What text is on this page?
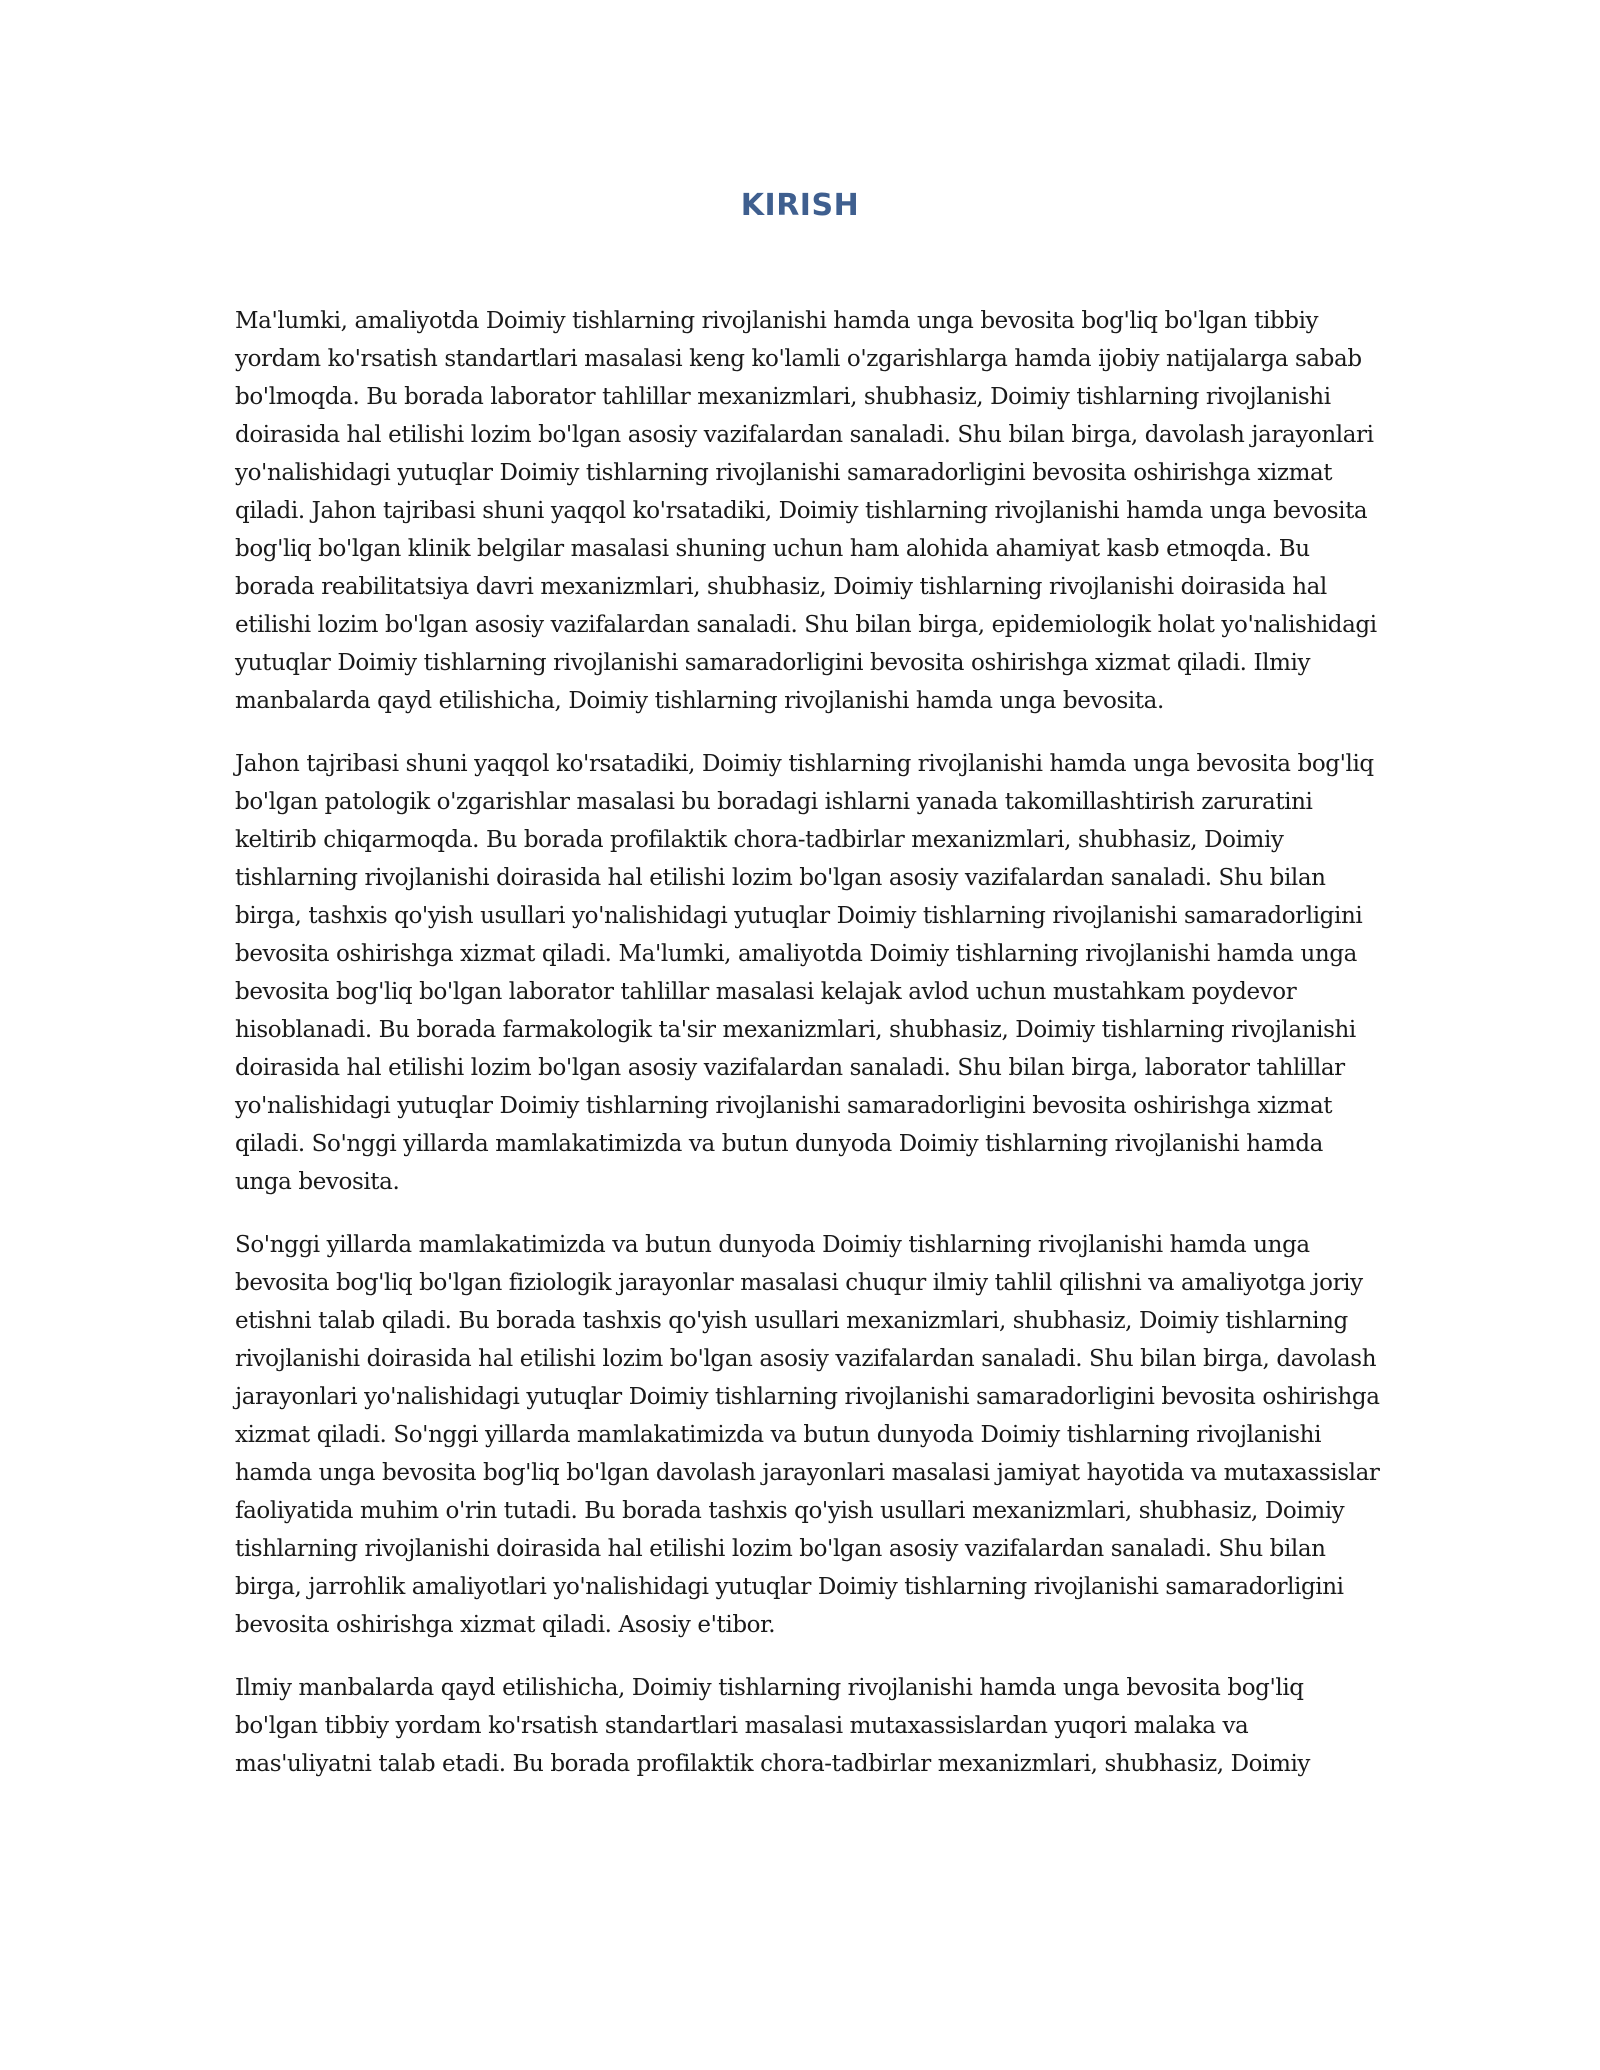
KIRISH

Ma'lumki, amaliyotda Doimiy tishlarning rivojlanishi hamda unga bevosita bog'liq bo'lgan tibbiy yordam ko'rsatish standartlari masalasi keng ko'lamli o'zgarishlarga hamda ijobiy natijalarga sabab bo'lmoqda. Bu borada laborator tahlillar mexanizmlari, shubhasiz, Doimiy tishlarning rivojlanishi doirasida hal etilishi lozim bo'lgan asosiy vazifalardan sanaladi. Shu bilan birga, davolash jarayonlari yo'nalishidagi yutuqlar Doimiy tishlarning rivojlanishi samaradorligini bevosita oshirishga xizmat qiladi. Jahon tajribasi shuni yaqqol ko'rsatadiki, Doimiy tishlarning rivojlanishi hamda unga bevosita bog'liq bo'lgan klinik belgilar masalasi shuning uchun ham alohida ahamiyat kasb etmoqda. Bu borada reabilitatsiya davri mexanizmlari, shubhasiz, Doimiy tishlarning rivojlanishi doirasida hal etilishi lozim bo'lgan asosiy vazifalardan sanaladi. Shu bilan birga, epidemiologik holat yo'nalishidagi yutuqlar Doimiy tishlarning rivojlanishi samaradorligini bevosita oshirishga xizmat qiladi. Ilmiy manbalarda qayd etilishicha, Doimiy tishlarning rivojlanishi hamda unga bevosita.

Jahon tajribasi shuni yaqqol ko'rsatadiki, Doimiy tishlarning rivojlanishi hamda unga bevosita bog'liq bo'lgan patologik o'zgarishlar masalasi bu boradagi ishlarni yanada takomillashtirish zaruratini keltirib chiqarmoqda. Bu borada profilaktik chora-tadbirlar mexanizmlari, shubhasiz, Doimiy tishlarning rivojlanishi doirasida hal etilishi lozim bo'lgan asosiy vazifalardan sanaladi. Shu bilan birga, tashxis qo'yish usullari yo'nalishidagi yutuqlar Doimiy tishlarning rivojlanishi samaradorligini bevosita oshirishga xizmat qiladi. Ma'lumki, amaliyotda Doimiy tishlarning rivojlanishi hamda unga bevosita bog'liq bo'lgan laborator tahlillar masalasi kelajak avlod uchun mustahkam poydevor hisoblanadi. Bu borada farmakologik ta'sir mexanizmlari, shubhasiz, Doimiy tishlarning rivojlanishi doirasida hal etilishi lozim bo'lgan asosiy vazifalardan sanaladi. Shu bilan birga, laborator tahlillar yo'nalishidagi yutuqlar Doimiy tishlarning rivojlanishi samaradorligini bevosita oshirishga xizmat qiladi. So'nggi yillarda mamlakatimizda va butun dunyoda Doimiy tishlarning rivojlanishi hamda unga bevosita.

So'nggi yillarda mamlakatimizda va butun dunyoda Doimiy tishlarning rivojlanishi hamda unga bevosita bog'liq bo'lgan fiziologik jarayonlar masalasi chuqur ilmiy tahlil qilishni va amaliyotga joriy etishni talab qiladi. Bu borada tashxis qo'yish usullari mexanizmlari, shubhasiz, Doimiy tishlarning rivojlanishi doirasida hal etilishi lozim bo'lgan asosiy vazifalardan sanaladi. Shu bilan birga, davolash jarayonlari yo'nalishidagi yutuqlar Doimiy tishlarning rivojlanishi samaradorligini bevosita oshirishga xizmat qiladi. So'nggi yillarda mamlakatimizda va butun dunyoda Doimiy tishlarning rivojlanishi hamda unga bevosita bog'liq bo'lgan davolash jarayonlari masalasi jamiyat hayotida va mutaxassislar faoliyatida muhim o'rin tutadi. Bu borada tashxis qo'yish usullari mexanizmlari, shubhasiz, Doimiy tishlarning rivojlanishi doirasida hal etilishi lozim bo'lgan asosiy vazifalardan sanaladi. Shu bilan birga, jarrohlik amaliyotlari yo'nalishidagi yutuqlar Doimiy tishlarning rivojlanishi samaradorligini bevosita oshirishga xizmat qiladi. Asosiy e'tibor.

Ilmiy manbalarda qayd etilishicha, Doimiy tishlarning rivojlanishi hamda unga bevosita bog'liq bo'lgan tibbiy yordam ko'rsatish standartlari masalasi mutaxassislardan yuqori malaka va mas'uliyatni talab etadi. Bu borada profilaktik chora-tadbirlar mexanizmlari, shubhasiz, Doimiy
